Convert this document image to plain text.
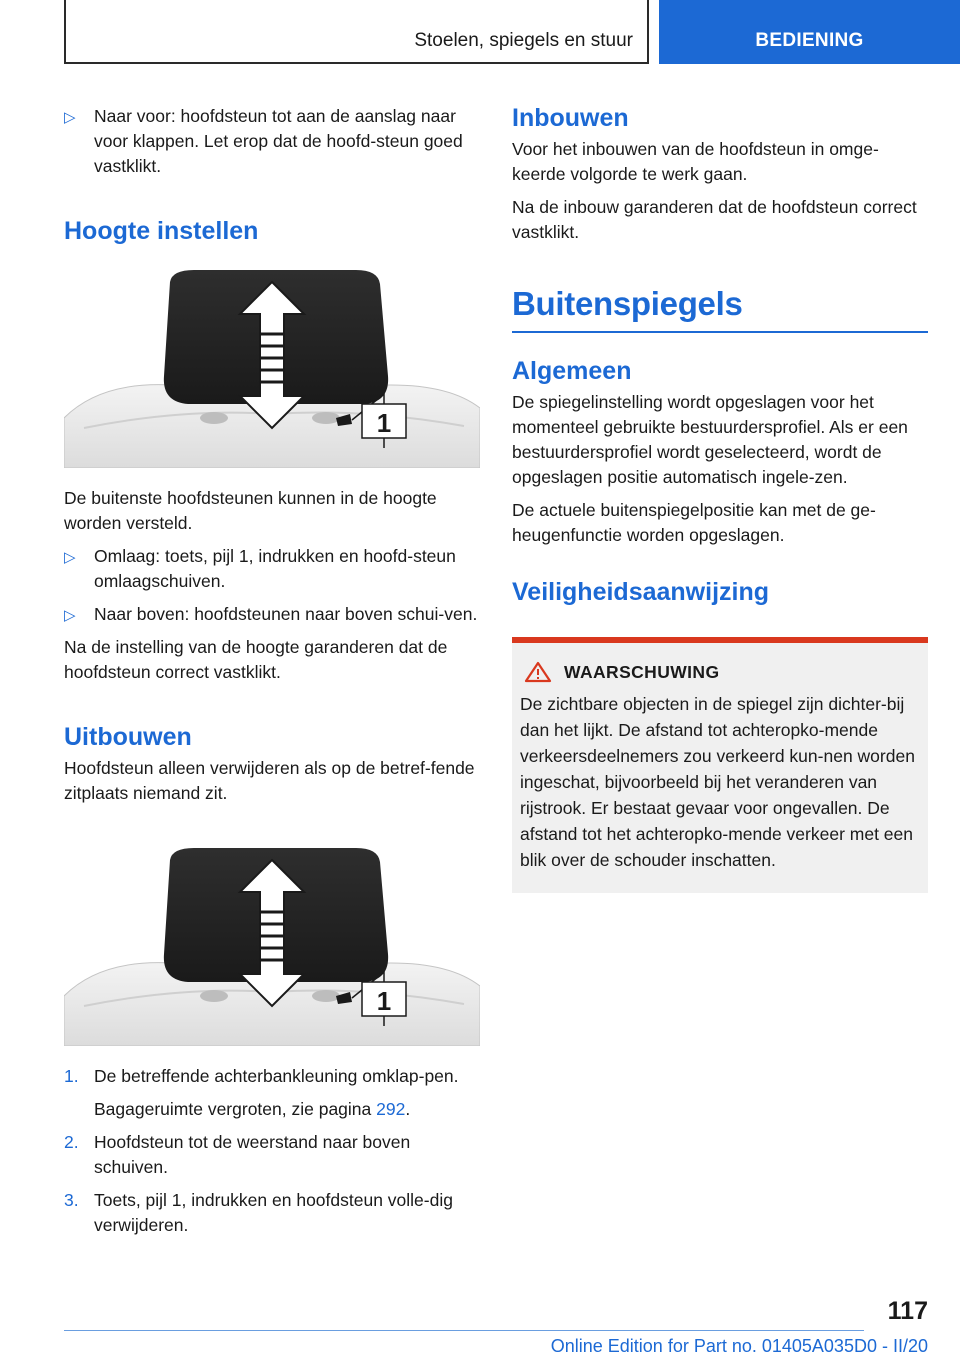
Stoelen, spiegels en stuur	BEDIENING
▷ Naar voor: hoofdsteun tot aan de aanslag naar voor klappen. Let erop dat de hoofd-steun goed vastklikt.
Hoogte instellen
1
De buitenste hoofdsteunen kunnen in de hoogte worden versteld.
▷ Omlaag: toets, pijl 1, indrukken en hoofd-steun omlaagschuiven.
▷ Naar boven: hoofdsteunen naar boven schui-ven.
Na de instelling van de hoogte garanderen dat de hoofdsteun correct vastklikt.
Uitbouwen
Hoofdsteun alleen verwijderen als op de betref-fende zitplaats niemand zit.
1
1. De betreffende achterbankleuning omklap-pen.
Bagageruimte vergroten, zie pagina 292.
2. Hoofdsteun tot de weerstand naar boven schuiven.
3. Toets, pijl 1, indrukken en hoofdsteun volle-dig verwijderen.
Inbouwen
Voor het inbouwen van de hoofdsteun in omge-keerde volgorde te werk gaan.
Na de inbouw garanderen dat de hoofdsteun correct vastklikt.
Buitenspiegels
Algemeen
De spiegelinstelling wordt opgeslagen voor het momenteel gebruikte bestuurdersprofiel. Als er een bestuurdersprofiel wordt geselecteerd, wordt de opgeslagen positie automatisch ingele-zen.
De actuele buitenspiegelpositie kan met de ge-heugenfunctie worden opgeslagen.
Veiligheidsaanwijzing
WAARSCHUWING
De zichtbare objecten in de spiegel zijn dichter-bij dan het lijkt. De afstand tot achteropko-mende verkeersdeelnemers zou verkeerd kun-nen worden ingeschat, bijvoorbeeld bij het veranderen van rijstrook. Er bestaat gevaar voor ongevallen. De afstand tot het achteropko-mende verkeer met een blik over de schouder inschatten.
117
Online Edition for Part no. 01405A035D0 - II/20
